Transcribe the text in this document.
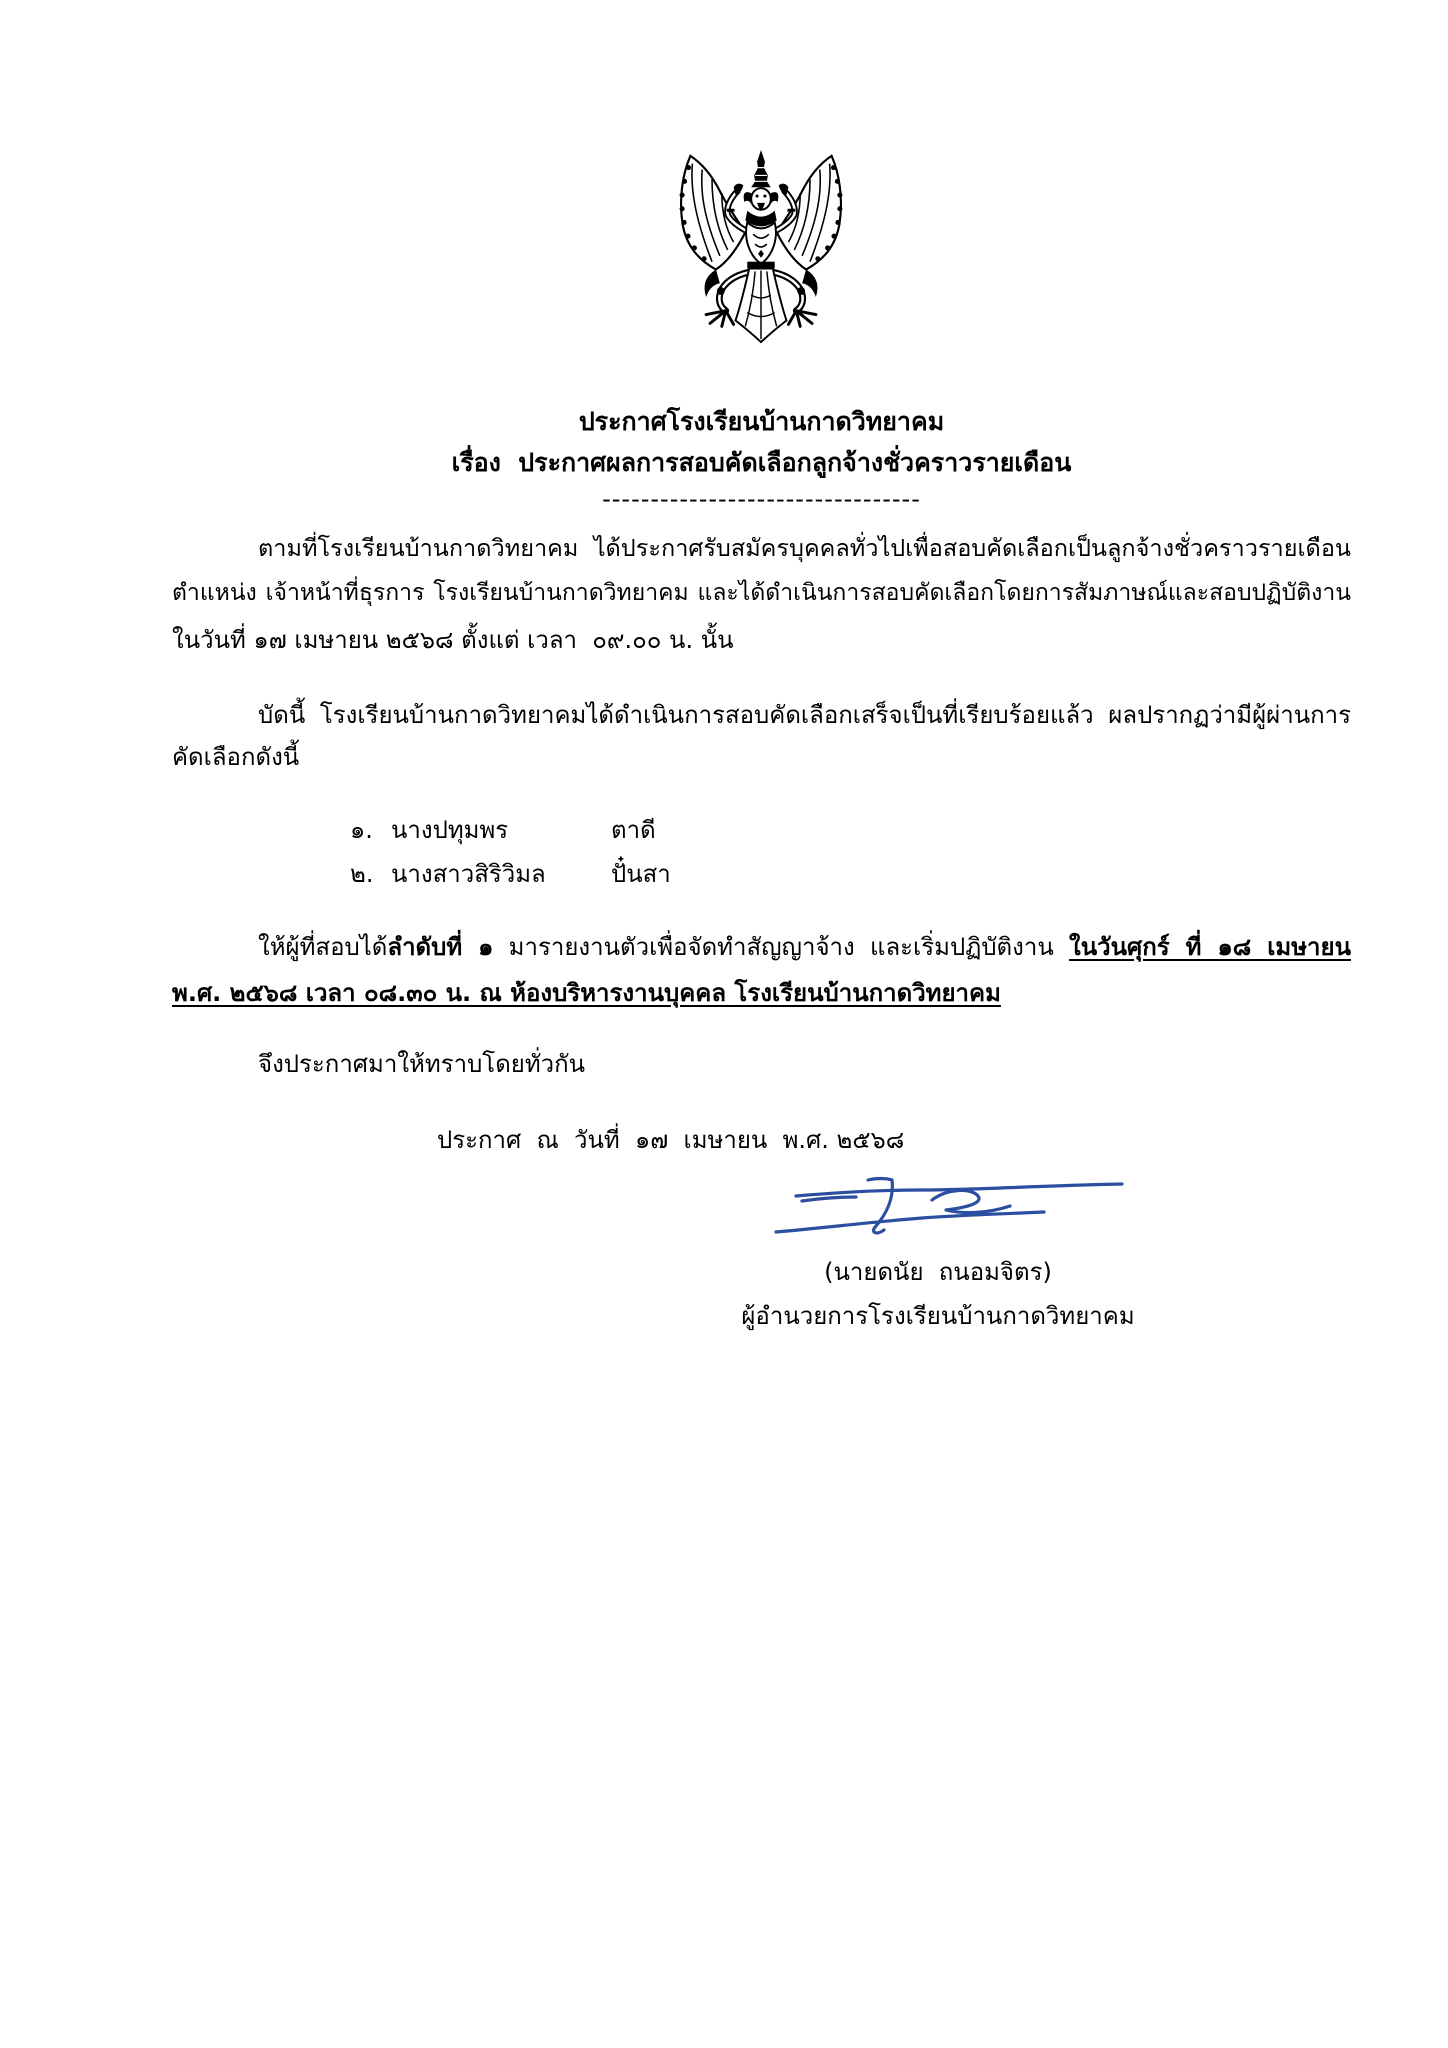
ประกาศโรงเรียนบ้านกาดวิทยาคม
เรื่อง  ประกาศผลการสอบคัดเลือกลูกจ้างชั่วคราวรายเดือน
---------------------------------
ตามที่โรงเรียนบ้านกาดวิทยาคม ได้ประกาศรับสมัครบุคคลทั่วไปเพื่อสอบคัดเลือกเป็นลูกจ้างชั่วคราวรายเดือน
ตำแหน่ง เจ้าหน้าที่ธุรการ โรงเรียนบ้านกาดวิทยาคม และได้ดำเนินการสอบคัดเลือกโดยการสัมภาษณ์และสอบปฏิบัติงาน
ในวันที่ ๑๗ เมษายน ๒๕๖๘ ตั้งแต่ เวลา  ๐๙.๐๐ น. นั้น
บัดนี้ โรงเรียนบ้านกาดวิทยาคมได้ดำเนินการสอบคัดเลือกเสร็จเป็นที่เรียบร้อยแล้ว ผลปรากฏว่ามีผู้ผ่านการ
คัดเลือกดังนี้
๑. นางปทุมพร	ตาดี
๒. นางสาวสิริวิมล	ปั๋นสา
ให้ผู้ที่สอบได้ลำดับที่ ๑ มารายงานตัวเพื่อจัดทำสัญญาจ้าง และเริ่มปฏิบัติงาน ในวันศุกร์ ที่ ๑๘ เมษายน
พ.ศ. ๒๕๖๘ เวลา ๐๘.๓๐ น. ณ ห้องบริหารงานบุคคล โรงเรียนบ้านกาดวิทยาคม
จึงประกาศมาให้ทราบโดยทั่วกัน
ประกาศ  ณ  วันที่  ๑๗  เมษายน  พ.ศ. ๒๕๖๘
(นายดนัย  ถนอมจิตร)
ผู้อำนวยการโรงเรียนบ้านกาดวิทยาคม
